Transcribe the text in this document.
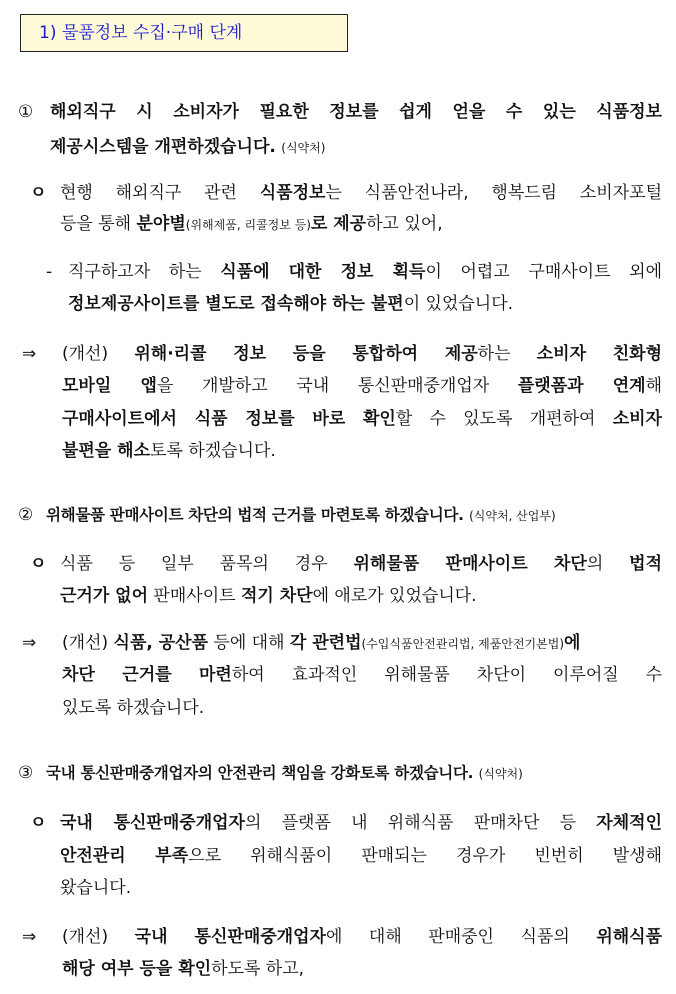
1) 물품정보 수집·구매 단계
① 해외직구 시 소비자가 필요한 정보를 쉽게 얻을 수 있는 식품정보
제공시스템을 개편하겠습니다. (식약처)
ㅇ 현행 해외직구 관련 식품정보는 식품안전나라, 행복드림 소비자포털
등을 통해 분야별(위해제품, 리콜정보 등)로 제공하고 있어,
- 직구하고자 하는 식품에 대한 정보 획득이 어렵고 구매사이트 외에
정보제공사이트를 별도로 접속해야 하는 불편이 있었습니다.
⇒ (개선) 위해·리콜 정보 등을 통합하여 제공하는 소비자 친화형
모바일 앱을 개발하고 국내 통신판매중개업자 플랫폼과 연계해
구매사이트에서 식품 정보를 바로 확인할 수 있도록 개편하여 소비자
불편을 해소토록 하겠습니다.
② 위해물품 판매사이트 차단의 법적 근거를 마련토록 하겠습니다. (식약처, 산업부)
ㅇ 식품 등 일부 품목의 경우 위해물품 판매사이트 차단의 법적
근거가 없어 판매사이트 적기 차단에 애로가 있었습니다.
⇒ (개선) 식품, 공산품 등에 대해 각 관련법(수입식품안전관리법, 제품안전기본법)에
차단 근거를 마련하여 효과적인 위해물품 차단이 이루어질 수
있도록 하겠습니다.
③ 국내 통신판매중개업자의 안전관리 책임을 강화토록 하겠습니다. (식약처)
ㅇ 국내 통신판매중개업자의 플랫폼 내 위해식품 판매차단 등 자체적인
안전관리 부족으로 위해식품이 판매되는 경우가 빈번히 발생해
왔습니다.
⇒ (개선) 국내 통신판매중개업자에 대해 판매중인 식품의 위해식품
해당 여부 등을 확인하도록 하고,
